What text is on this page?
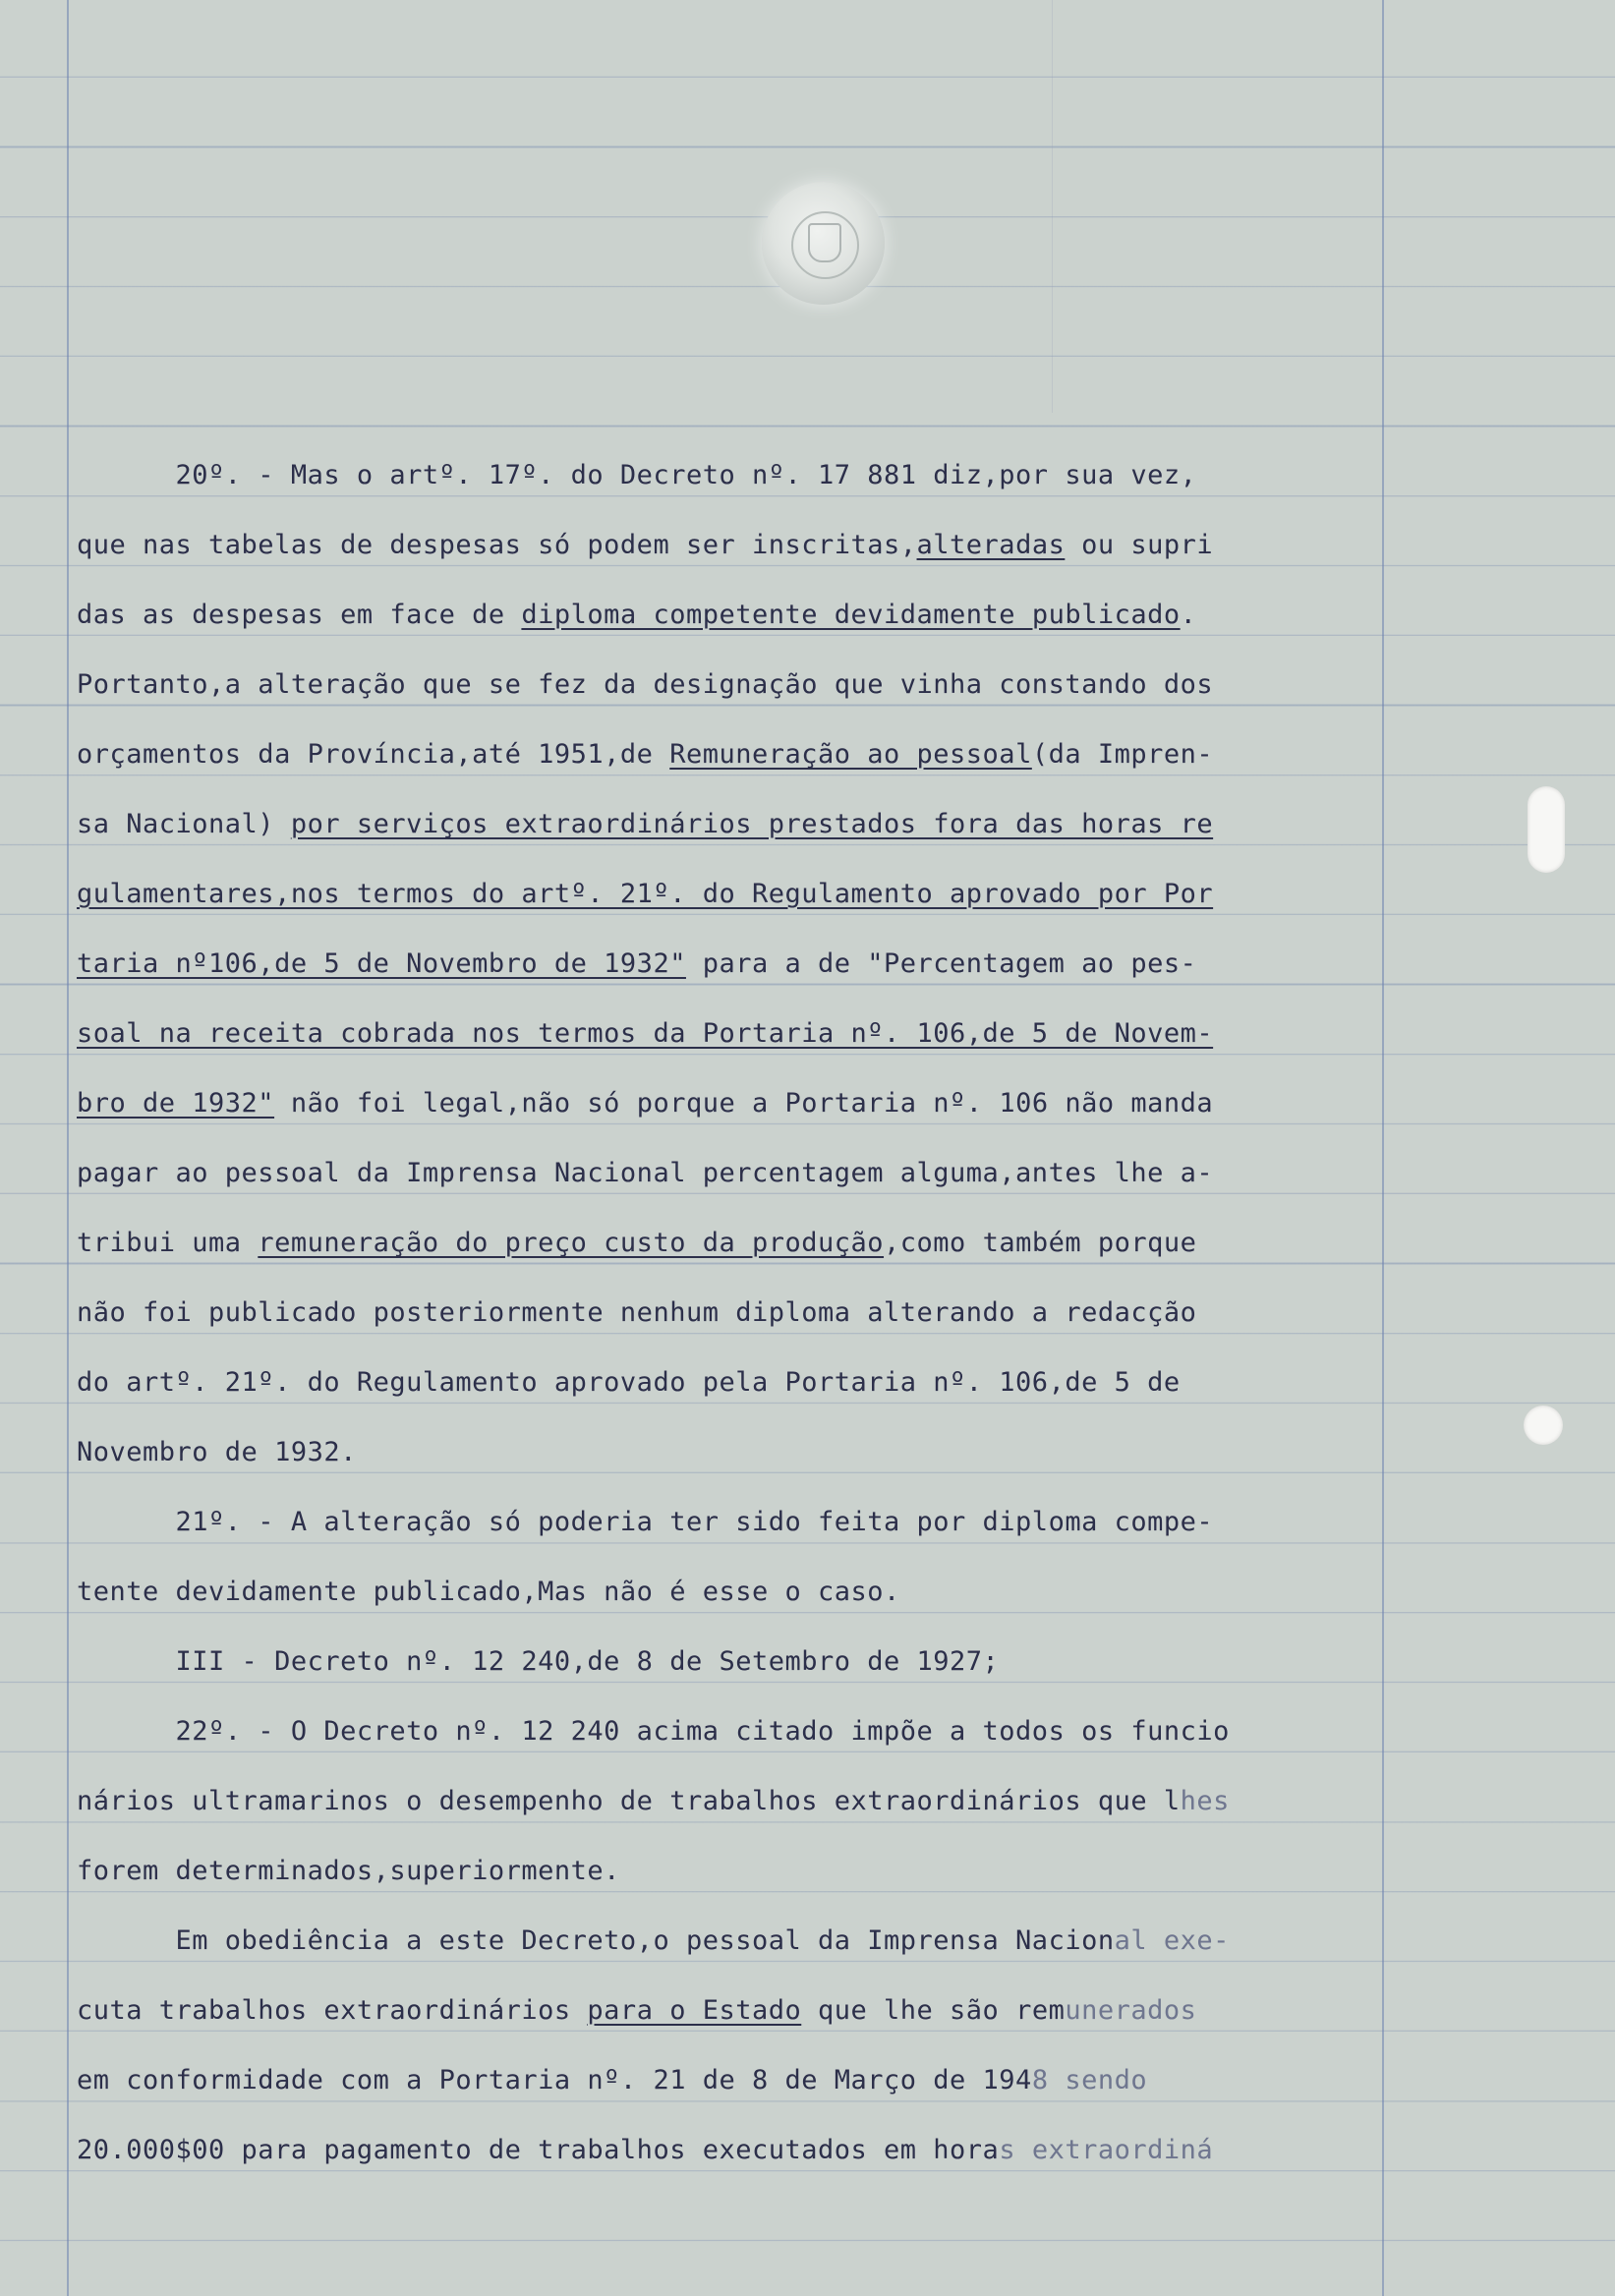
20º. - Mas o artº. 17º. do Decreto nº. 17 881 diz,por sua vez,
que nas tabelas de despesas só podem ser inscritas,alteradas ou supri
das as despesas em face de diploma competente devidamente publicado.
Portanto,a alteração que se fez da designação que vinha constando dos
orçamentos da Província,até 1951,de Remuneração ao pessoal(da Impren-
sa Nacional) por serviços extraordinários prestados fora das horas re
gulamentares,nos termos do artº. 21º. do Regulamento aprovado por Por
taria nº106,de 5 de Novembro de 1932" para a de "Percentagem ao pes-
soal na receita cobrada nos termos da Portaria nº. 106,de 5 de Novem-
bro de 1932" não foi legal,não só porque a Portaria nº. 106 não manda
pagar ao pessoal da Imprensa Nacional percentagem alguma,antes lhe a-
tribui uma remuneração do preço custo da produção,como também porque
não foi publicado posteriormente nenhum diploma alterando a redacção
do artº. 21º. do Regulamento aprovado pela Portaria nº. 106,de 5 de
Novembro de 1932.
21º. - A alteração só poderia ter sido feita por diploma compe-
tente devidamente publicado,Mas não é esse o caso.
III - Decreto nº. 12 240,de 8 de Setembro de 1927;
22º. - O Decreto nº. 12 240 acima citado impõe a todos os funcio
nários ultramarinos o desempenho de trabalhos extraordinários que lhes
forem determinados,superiormente.
Em obediência a este Decreto,o pessoal da Imprensa Nacional exe-
cuta trabalhos extraordinários para o Estado que lhe são remunerados
em conformidade com a Portaria nº. 21 de 8 de Março de 1948 sendo
20.000$00 para pagamento de trabalhos executados em horas extraordiná
